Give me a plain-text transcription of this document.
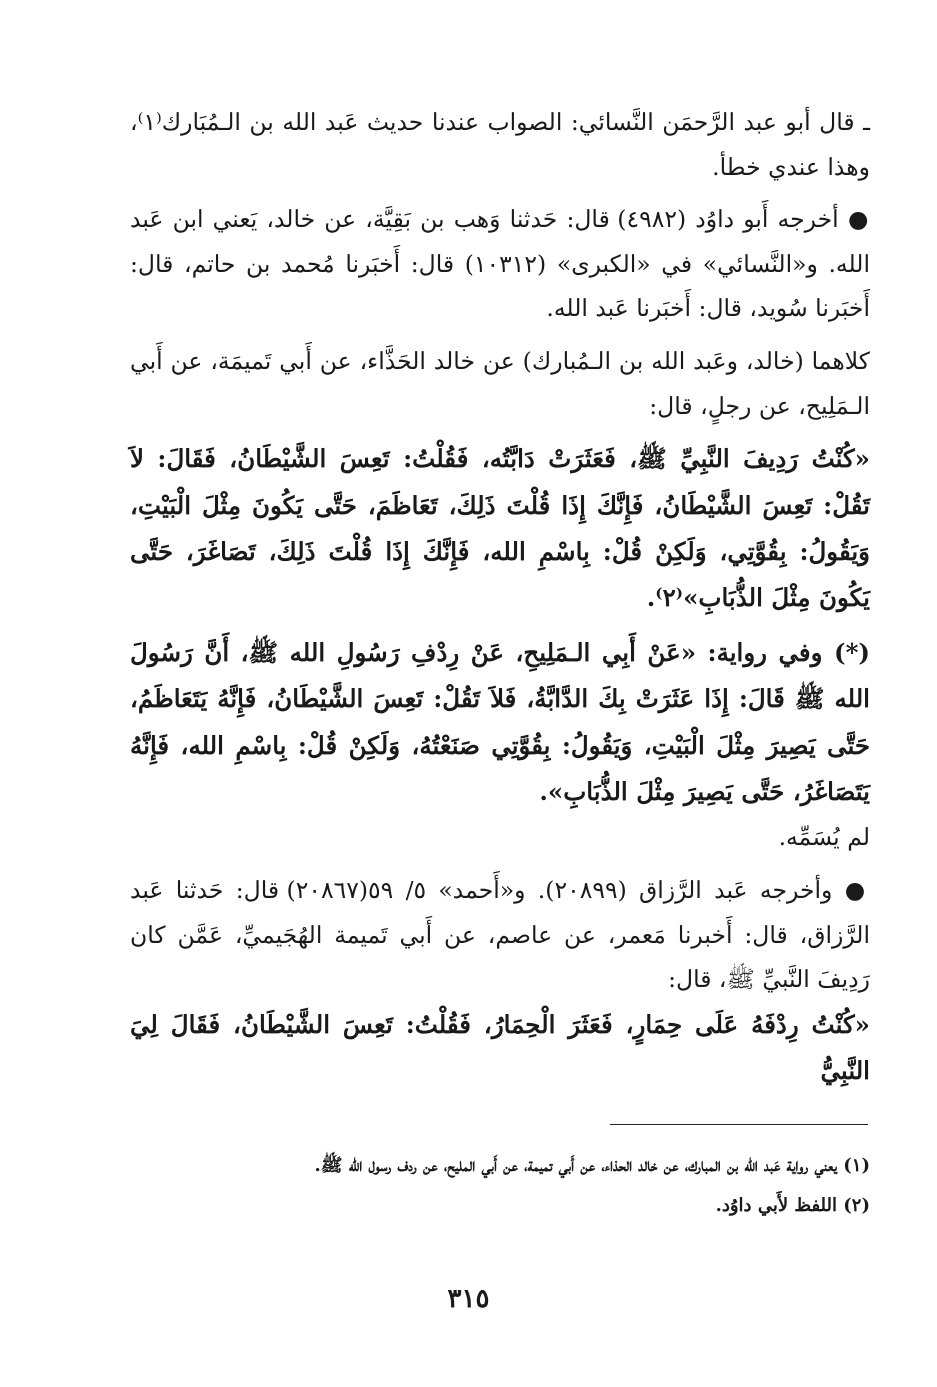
ـ قال أبو عبد الرَّحمَن النَّسائي: الصواب عندنا حديث عَبد الله بن الـمُبَارك⁽١⁾، وهذا عندي خطأ.

● أخرجه أَبو داوُد (٤٩٨٢) قال: حَدثنا وَهب بن بَقِيَّة، عن خالد، يَعني ابن عَبد الله. و«النَّسائي» في «الكبرى» (١٠٣١٢) قال: أَخبَرنا مُحمد بن حاتم، قال: أَخبَرنا سُويد، قال: أَخبَرنا عَبد الله.

كلاهما (خالد، وعَبد الله بن الـمُبارك) عن خالد الحَذَّاء، عن أَبي تَميمَة، عن أَبي الـمَلِيح، عن رجلٍ، قال:

«كُنْتُ رَدِيفَ النَّبِيِّ ﷺ، فَعَثَرَتْ دَابَّتُه، فَقُلْتُ: تَعِسَ الشَّيْطَانُ، فَقَالَ: لاَ تَقُلْ: تَعِسَ الشَّيْطَانُ، فَإِنَّكَ إِذَا قُلْتَ ذَلِكَ، تَعَاظَمَ، حَتَّى يَكُونَ مِثْلَ الْبَيْتِ، وَيَقُولُ: بِقُوَّتِي، وَلَكِنْ قُلْ: بِاسْمِ الله، فَإِنَّكَ إِذَا قُلْتَ ذَلِكَ، تَصَاغَرَ، حَتَّى يَكُونَ مِثْلَ الذُّبَابِ»⁽٢⁾.

(*) وفي رواية: «عَنْ أَبِي الـمَلِيحِ، عَنْ رِدْفِ رَسُولِ الله ﷺ، أَنَّ رَسُولَ الله ﷺ قَالَ: إِذَا عَثَرَتْ بِكَ الدَّابَّةُ، فَلاَ تَقُلْ: تَعِسَ الشَّيْطَانُ، فَإِنَّهُ يَتَعَاظَمُ، حَتَّى يَصِيرَ مِثْلَ الْبَيْتِ، وَيَقُولُ: بِقُوَّتِي صَنَعْتُهُ، وَلَكِنْ قُلْ: بِاسْمِ الله، فَإِنَّهُ يَتَصَاغَرُ، حَتَّى يَصِيرَ مِثْلَ الذُّبَابِ».

لم يُسَمِّه.

● وأخرجه عَبد الرَّزاق (٢٠٨٩٩). و«أَحمد» ٥/ ٥٩(٢٠٨٦٧) قال: حَدثنا عَبد الرَّزاق، قال: أَخبرنا مَعمر، عن عاصم، عن أَبي تَميمة الهُجَيميِّ، عَمَّن كان رَدِيفَ النَّبيِّ ﷺ، قال:

«كُنْتُ رِدْفَهُ عَلَى حِمَارٍ، فَعَثَرَ الْحِمَارُ، فَقُلْتُ: تَعِسَ الشَّيْطَانُ، فَقَالَ لِيَ النَّبِيُّ

(١) يعني رواية عَبد الله بن المبارك، عن خالد الحذاء، عن أَبي تميمة، عن أَبي المليح، عن ردف رسول الله ﷺ.

(٢) اللفظ لأَبي داوُد.

٣١٥
